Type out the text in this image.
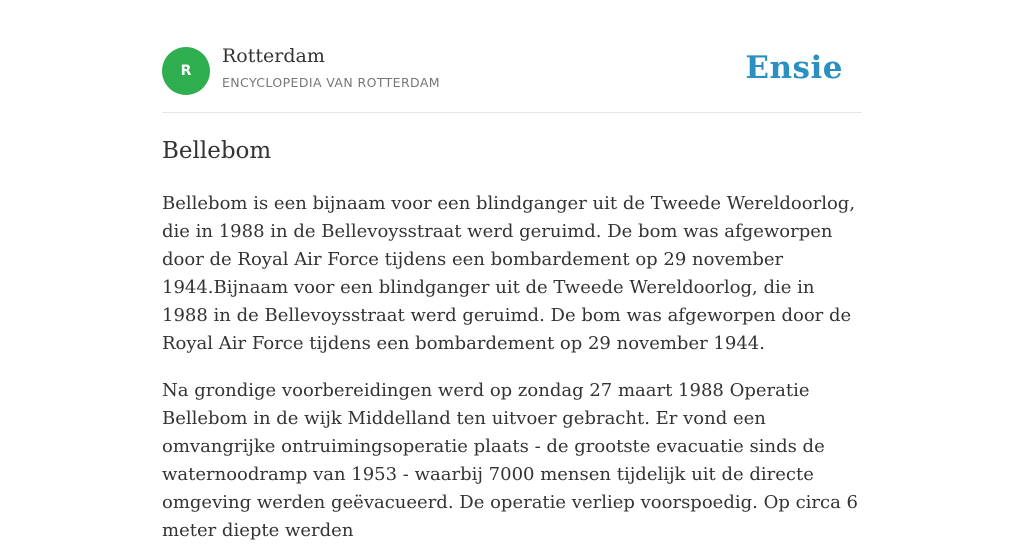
R
Rotterdam
ENCYCLOPEDIA VAN ROTTERDAM	Ensie
Bellebom

Bellebom is een bijnaam voor een blindganger uit de Tweede Wereldoorlog, die in 1988 in de Bellevoysstraat werd geruimd. De bom was afgeworpen door de Royal Air Force tijdens een bombardement op 29 november 1944.Bijnaam voor een blindganger uit de Tweede Wereldoorlog, die in 1988 in de Bellevoysstraat werd geruimd. De bom was afgeworpen door de Royal Air Force tijdens een bombardement op 29 november 1944.

Na grondige voorbereidingen werd op zondag 27 maart 1988 Operatie Bellebom in de wijk Middelland ten uitvoer gebracht. Er vond een omvangrijke ontruimingsoperatie plaats - de grootste evacuatie sinds de waternoodramp van 1953 - waarbij 7000 mensen tijdelijk uit de directe omgeving werden geëvacueerd. De operatie verliep voorspoedig. Op circa 6 meter diepte werden
